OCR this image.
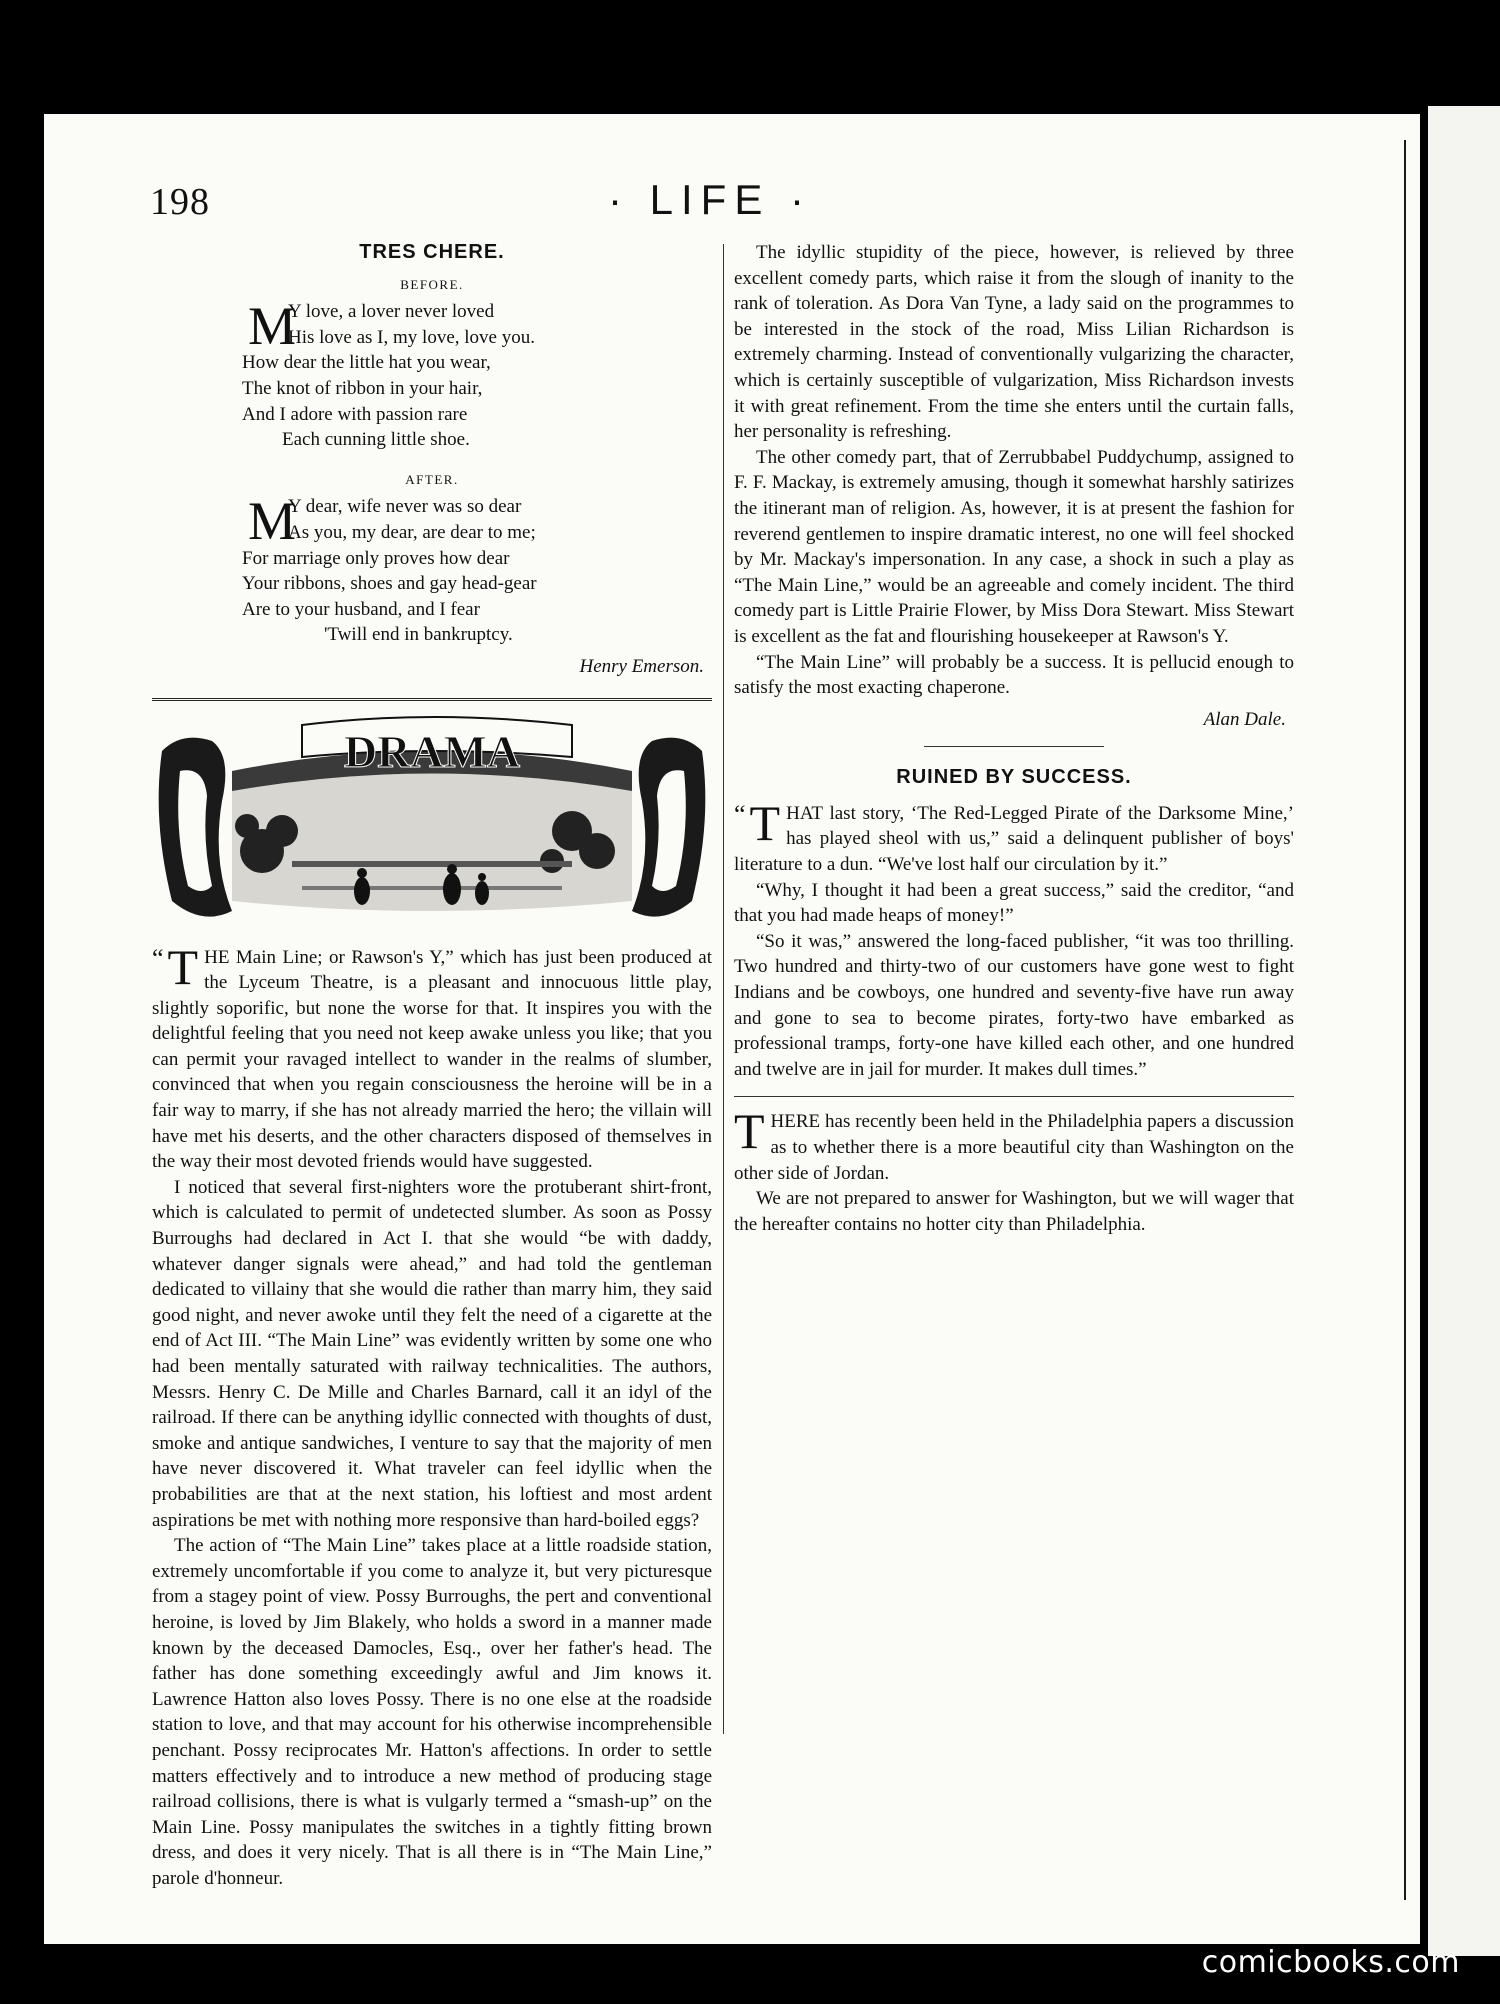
198	· LIFE ·
TRES CHERE.
BEFORE.
M
Y love, a lover never loved
His love as I, my love, love you.
How dear the little hat you wear,
The knot of ribbon in your hair,
And I adore with passion rare
Each cunning little shoe.
AFTER.
M
Y dear, wife never was so dear
As you, my dear, are dear to me;
For marriage only proves how dear
Your ribbons, shoes and gay head-gear
Are to your husband, and I fear
'Twill end in bankruptcy.
Henry Emerson.
DRAMA

“ T HE Main Line; or Rawson's Y,” which has just been produced at the Lyceum Theatre, is a pleasant and innocuous little play, slightly soporific, but none the worse for that. It inspires you with the delightful feeling that you need not keep awake unless you like; that you can permit your ravaged intellect to wander in the realms of slumber, convinced that when you regain consciousness the heroine will be in a fair way to marry, if she has not already married the hero; the villain will have met his deserts, and the other characters disposed of themselves in the way their most devoted friends would have suggested.

I noticed that several first-nighters wore the protuberant shirt-front, which is calculated to permit of undetected slumber. As soon as Possy Burroughs had declared in Act I. that she would “be with daddy, whatever danger signals were ahead,” and had told the gentleman dedicated to villainy that she would die rather than marry him, they said good night, and never awoke until they felt the need of a cigarette at the end of Act III. “The Main Line” was evidently written by some one who had been mentally saturated with railway technicalities. The authors, Messrs. Henry C. De Mille and Charles Barnard, call it an idyl of the railroad. If there can be anything idyllic connected with thoughts of dust, smoke and antique sandwiches, I venture to say that the majority of men have never discovered it. What traveler can feel idyllic when the probabilities are that at the next station, his loftiest and most ardent aspirations be met with nothing more responsive than hard-boiled eggs?

The action of “The Main Line” takes place at a little roadside station, extremely uncomfortable if you come to analyze it, but very picturesque from a stagey point of view. Possy Burroughs, the pert and conventional heroine, is loved by Jim Blakely, who holds a sword in a manner made known by the deceased Damocles, Esq., over her father's head. The father has done something exceedingly awful and Jim knows it. Lawrence Hatton also loves Possy. There is no one else at the roadside station to love, and that may account for his otherwise incomprehensible penchant. Possy reciprocates Mr. Hatton's affections. In order to settle matters effectively and to introduce a new method of producing stage railroad collisions, there is what is vulgarly termed a “smash-up” on the Main Line. Possy manipulates the switches in a tightly fitting brown dress, and does it very nicely. That is all there is in “The Main Line,” parole d'honneur.

The idyllic stupidity of the piece, however, is relieved by three excellent comedy parts, which raise it from the slough of inanity to the rank of toleration. As Dora Van Tyne, a lady said on the programmes to be interested in the stock of the road, Miss Lilian Richardson is extremely charming. Instead of conventionally vulgarizing the character, which is certainly susceptible of vulgarization, Miss Richardson invests it with great refinement. From the time she enters until the curtain falls, her personality is refreshing.

The other comedy part, that of Zerrubbabel Puddychump, assigned to F. F. Mackay, is extremely amusing, though it somewhat harshly satirizes the itinerant man of religion. As, however, it is at present the fashion for reverend gentlemen to inspire dramatic interest, no one will feel shocked by Mr. Mackay's impersonation. In any case, a shock in such a play as “The Main Line,” would be an agreeable and comely incident. The third comedy part is Little Prairie Flower, by Miss Dora Stewart. Miss Stewart is excellent as the fat and flourishing housekeeper at Rawson's Y.

“The Main Line” will probably be a success. It is pellucid enough to satisfy the most exacting chaperone.

Alan Dale.
RUINED BY SUCCESS.

“ T HAT last story, ‘The Red-Legged Pirate of the Darksome Mine,’ has played sheol with us,” said a delinquent publisher of boys' literature to a dun. “We've lost half our circulation by it.”

“Why, I thought it had been a great success,” said the creditor, “and that you had made heaps of money!”

“So it was,” answered the long-faced publisher, “it was too thrilling. Two hundred and thirty-two of our customers have gone west to fight Indians and be cowboys, one hundred and seventy-five have run away and gone to sea to become pirates, forty-two have embarked as professional tramps, forty-one have killed each other, and one hundred and twelve are in jail for murder. It makes dull times.”

THERE has recently been held in the Philadelphia papers a discussion as to whether there is a more beautiful city than Washington on the other side of Jordan.

We are not prepared to answer for Washington, but we will wager that the hereafter contains no hotter city than Philadelphia.

comicbooks.com
